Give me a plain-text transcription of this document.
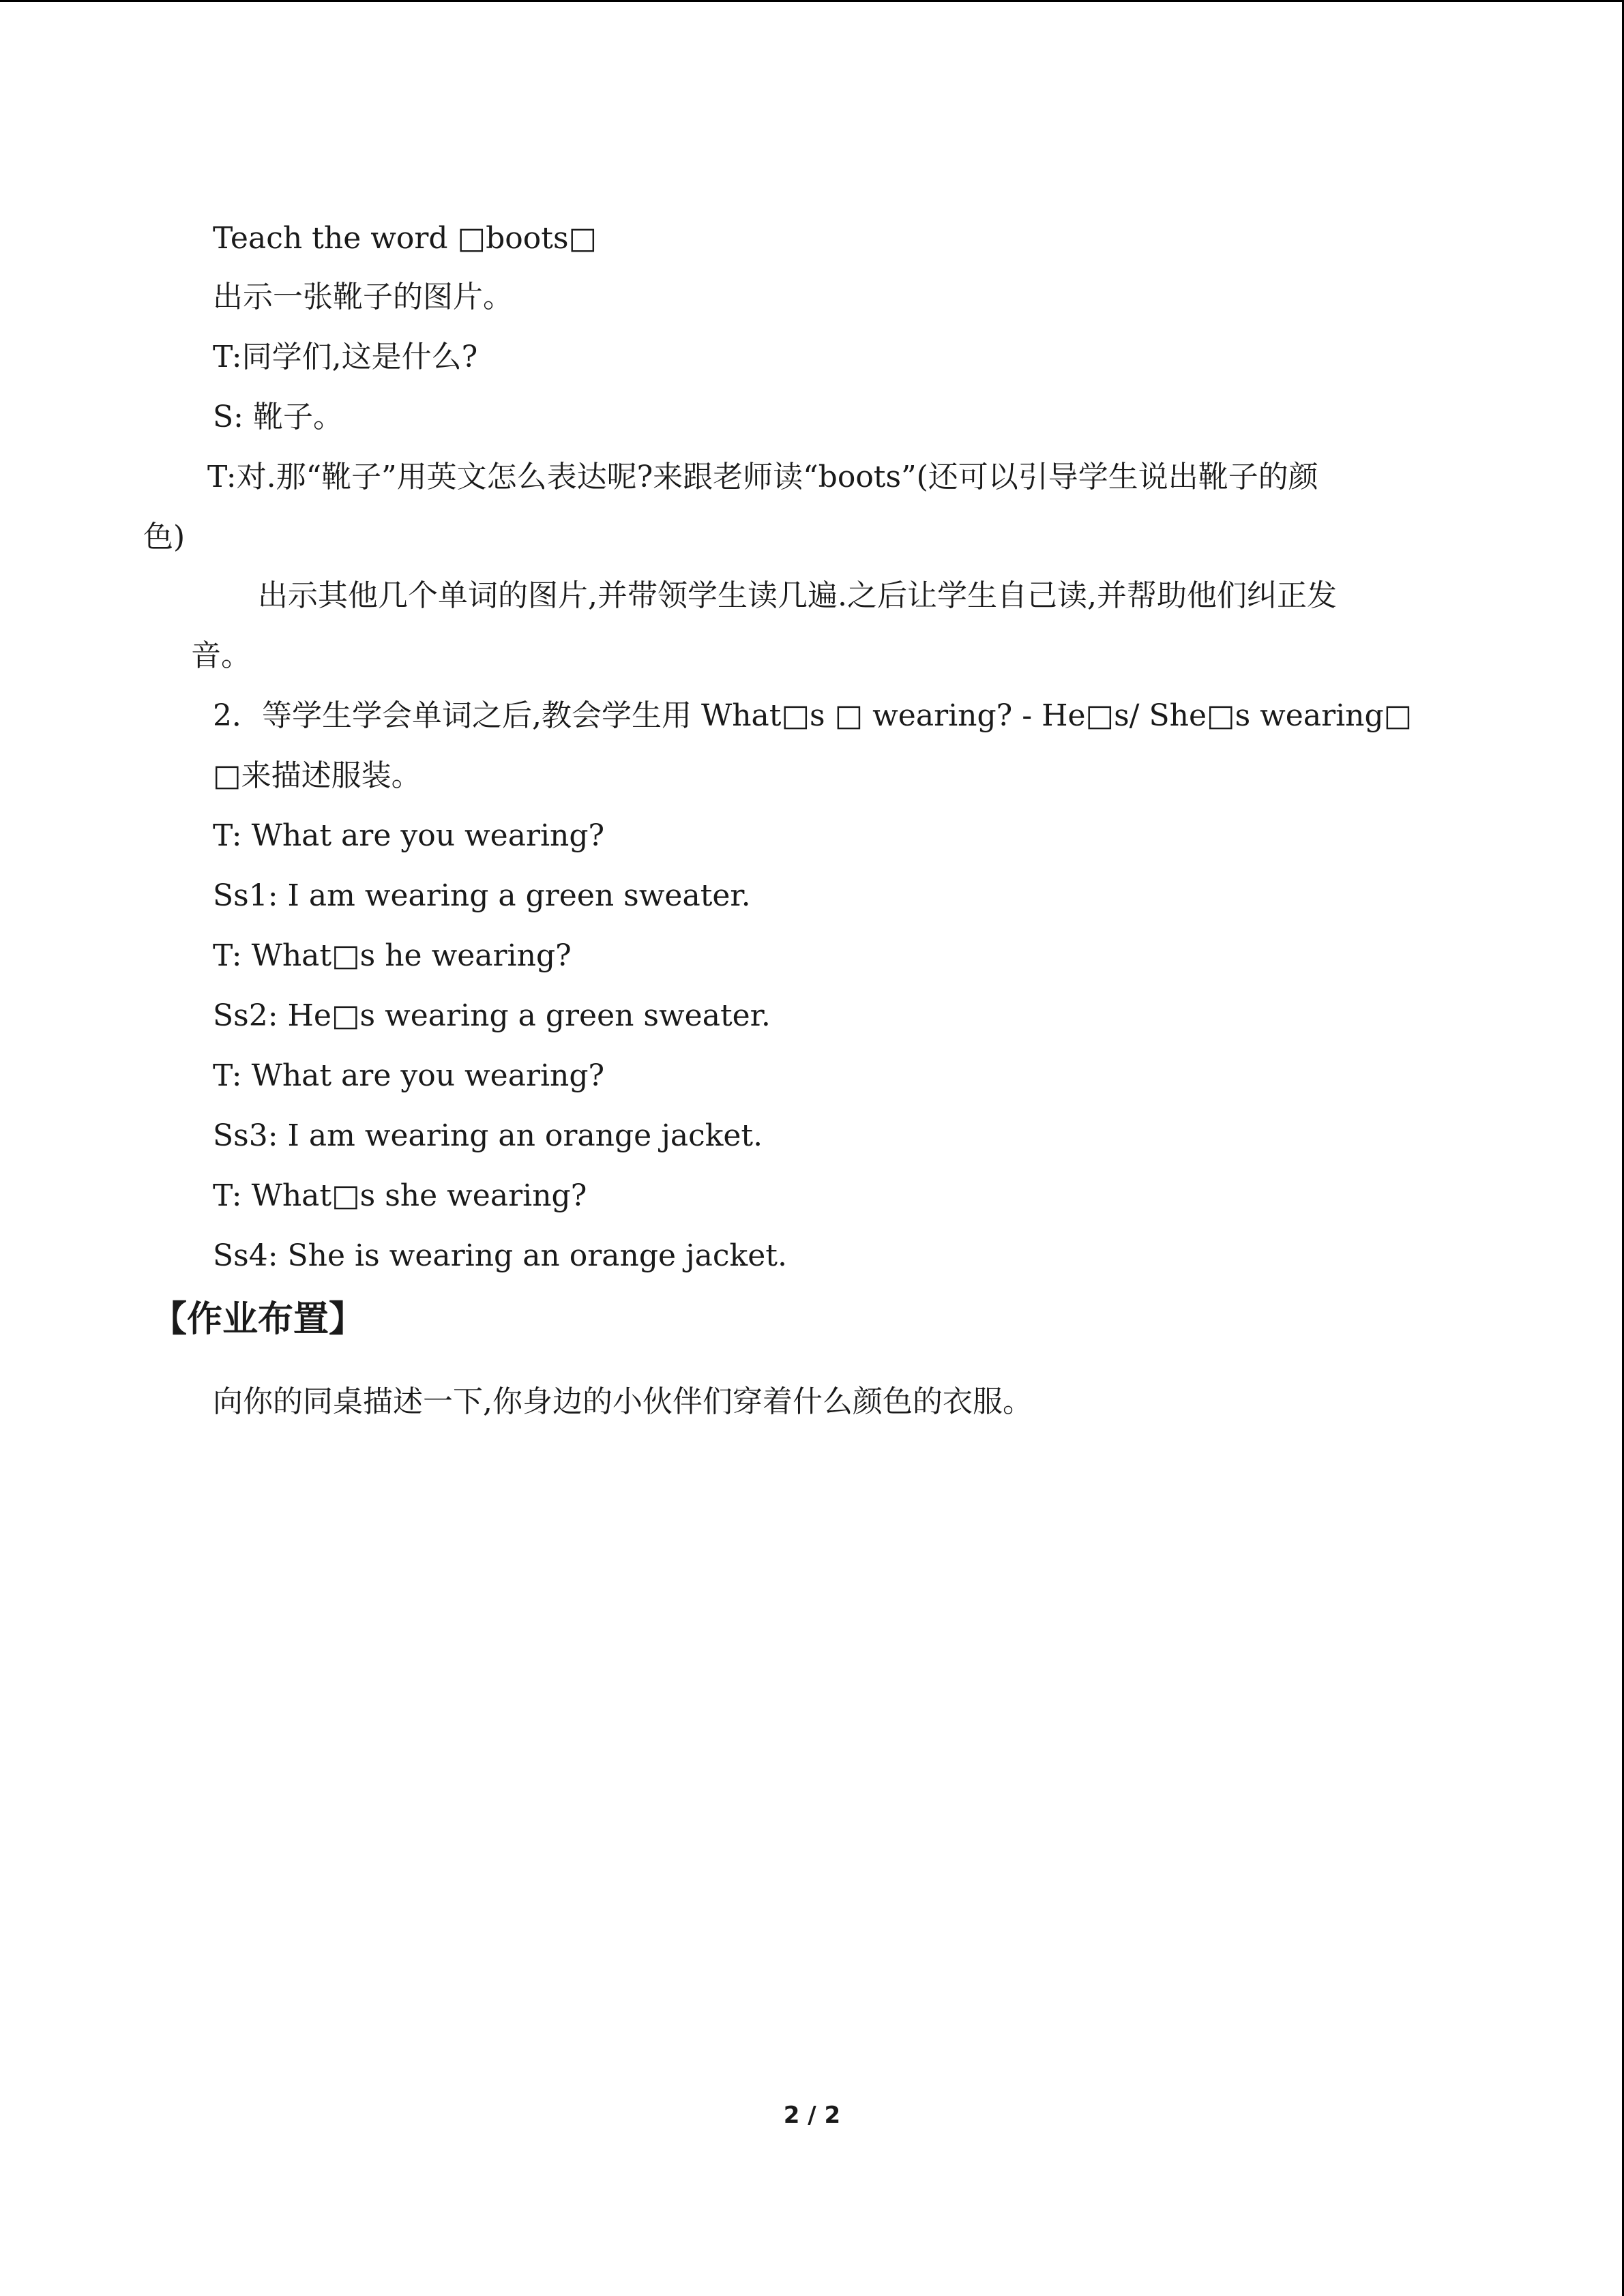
Teach the word □boots□
出示一张靴子的图片。
T:同学们,这是什么?
S: 靴子。
T:对.那“靴子”用英文怎么表达呢?来跟老师读“boots”(还可以引导学生说出靴子的颜
色)
出示其他几个单词的图片,并带领学生读几遍.之后让学生自己读,并帮助他们纠正发
音。
2．等学生学会单词之后,教会学生用 What□s □ wearing? - He□s/ She□s wearing□
□来描述服装。
T: What are you wearing?
Ss1: I am wearing a green sweater.
T: What□s he wearing?
Ss2: He□s wearing a green sweater.
T: What are you wearing?
Ss3: I am wearing an orange jacket.
T: What□s she wearing?
Ss4: She is wearing an orange jacket.
【作业布置】
向你的同桌描述一下,你身边的小伙伴们穿着什么颜色的衣服。
2 / 2
